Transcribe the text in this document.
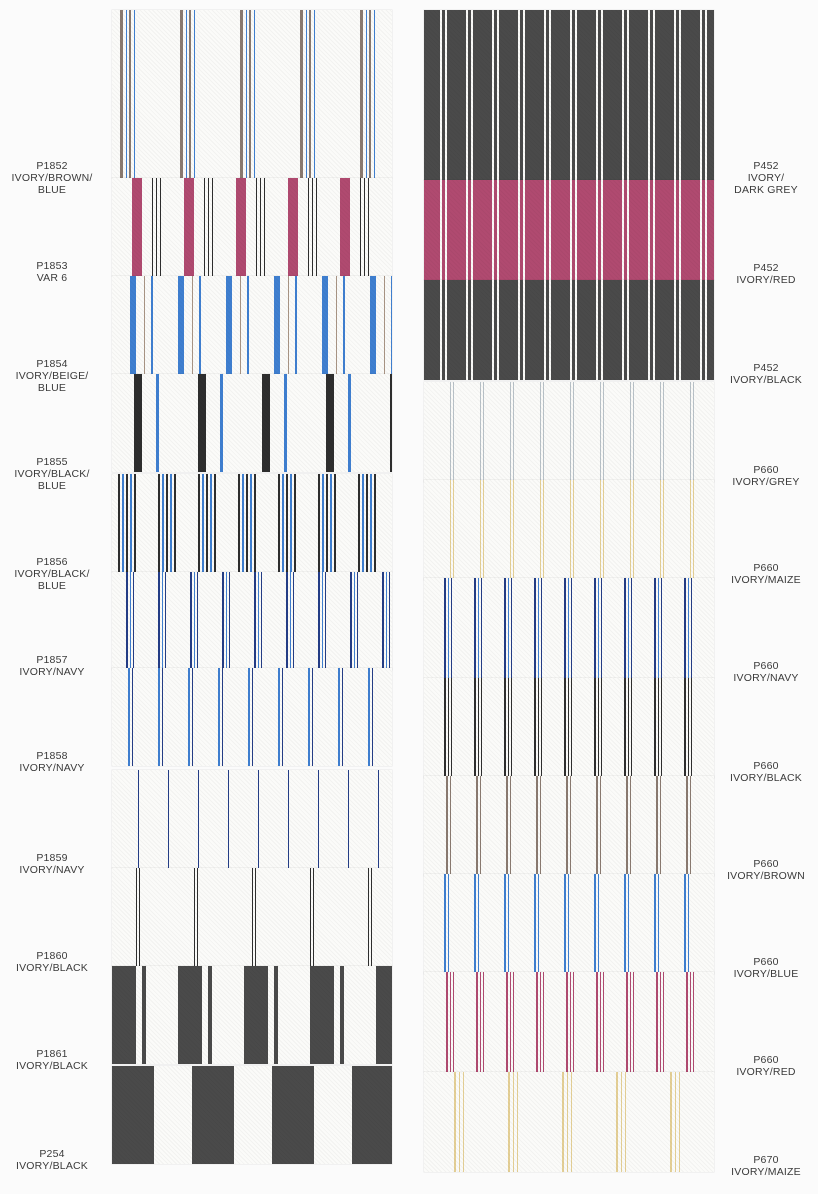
P1852
IVORY/BROWN/
BLUE
P1853
VAR 6
P1854
IVORY/BEIGE/
BLUE
P1855
IVORY/BLACK/
BLUE
P1856
IVORY/BLACK/
BLUE
P1857
IVORY/NAVY
P1858
IVORY/NAVY
P1859
IVORY/NAVY
P1860
IVORY/BLACK
P1861
IVORY/BLACK
P254
IVORY/BLACK
P452
IVORY/
DARK GREY
P452
IVORY/RED
P452
IVORY/BLACK
P660
IVORY/GREY
P660
IVORY/MAIZE
P660
IVORY/NAVY
P660
IVORY/BLACK
P660
IVORY/BROWN
P660
IVORY/BLUE
P660
IVORY/RED
P670
IVORY/MAIZE
